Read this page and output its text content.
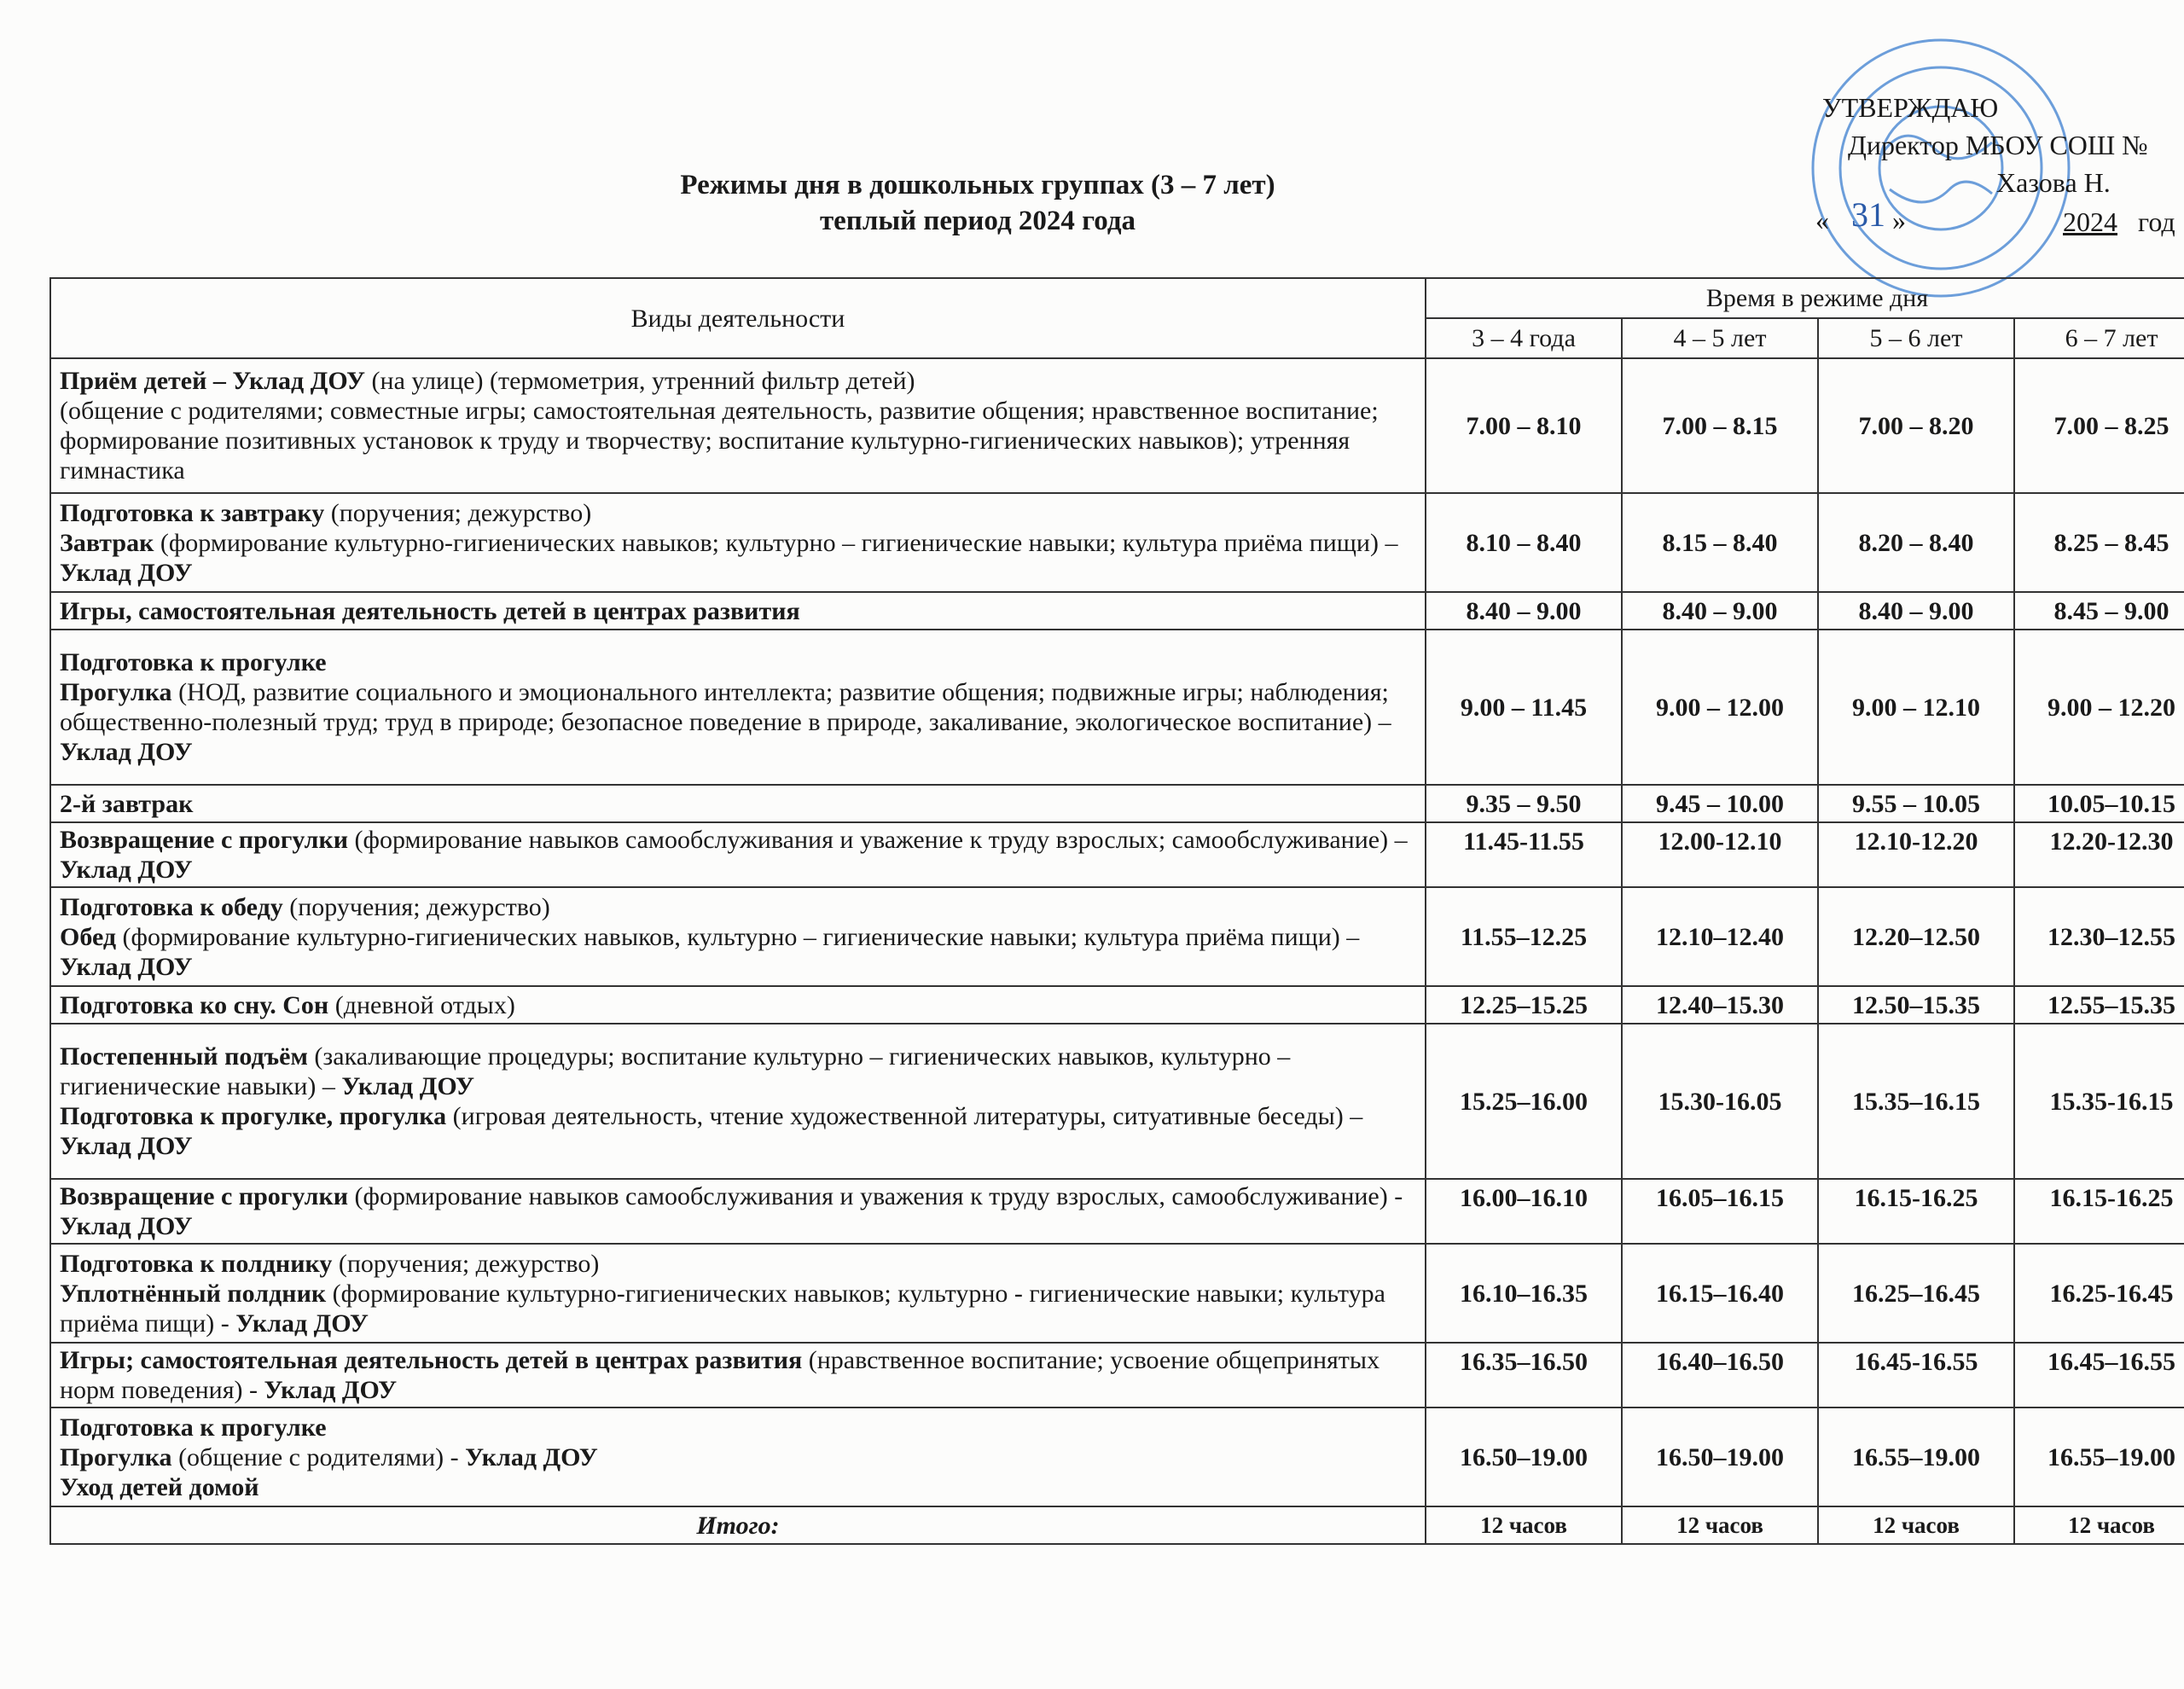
УТВЕРЖДАЮ
Директор МБОУ СОШ №
Хазова Н.
« 31 »	2024 год
Режимы дня в дошкольных группах (3 – 7 лет)
теплый период 2024 года
Виды деятельности	Время в режиме дня			
	3 – 4 года	4 – 5 лет	5 – 6 лет	6 – 7 лет
Приём детей – Уклад ДОУ (на улице) (термометрия, утренний фильтр детей)
(общение с родителями; совместные игры; самостоятельная деятельность, развитие общения; нравственное воспитание; формирование позитивных установок к труду и творчеству; воспитание культурно-гигиенических навыков); утренняя гимнастика	7.00 – 8.10	7.00 – 8.15	7.00 – 8.20	7.00 – 8.25
Подготовка к завтраку (поручения; дежурство)
Завтрак (формирование культурно-гигиенических навыков; культурно – гигиенические навыки; культура приёма пищи) – Уклад ДОУ	8.10 – 8.40	8.15 – 8.40	8.20 – 8.40	8.25 – 8.45
Игры, самостоятельная деятельность детей в центрах развития	8.40 – 9.00	8.40 – 9.00	8.40 – 9.00	8.45 – 9.00
Подготовка к прогулке
Прогулка (НОД, развитие социального и эмоционального интеллекта; развитие общения; подвижные игры; наблюдения; общественно-полезный труд; труд в природе; безопасное поведение в природе, закаливание, экологическое воспитание) – Уклад ДОУ	9.00 – 11.45	9.00 – 12.00	9.00 – 12.10	9.00 – 12.20
2-й завтрак	9.35 – 9.50	9.45 – 10.00	9.55 – 10.05	10.05–10.15
Возвращение с прогулки (формирование навыков самообслуживания и уважение к труду взрослых; самообслуживание) – Уклад ДОУ	11.45-11.55	12.00-12.10	12.10-12.20	12.20-12.30
Подготовка к обеду (поручения; дежурство)
Обед (формирование культурно-гигиенических навыков, культурно – гигиенические навыки; культура приёма пищи) – Уклад ДОУ	11.55–12.25	12.10–12.40	12.20–12.50	12.30–12.55
Подготовка ко сну. Сон (дневной отдых)	12.25–15.25	12.40–15.30	12.50–15.35	12.55–15.35
Постепенный подъём (закаливающие процедуры; воспитание культурно – гигиенических навыков, культурно – гигиенические навыки) – Уклад ДОУ
Подготовка к прогулке, прогулка (игровая деятельность, чтение художественной литературы, ситуативные беседы) – Уклад ДОУ	15.25–16.00	15.30-16.05	15.35–16.15	15.35-16.15
Возвращение с прогулки (формирование навыков самообслуживания и уважения к труду взрослых, самообслуживание) - Уклад ДОУ	16.00–16.10	16.05–16.15	16.15-16.25	16.15-16.25
Подготовка к полднику (поручения; дежурство)
Уплотнённый полдник (формирование культурно-гигиенических навыков; культурно - гигиенические навыки; культура приёма пищи) - Уклад ДОУ	16.10–16.35	16.15–16.40	16.25–16.45	16.25-16.45
Игры; самостоятельная деятельность детей в центрах развития (нравственное воспитание; усвоение общепринятых норм поведения) - Уклад ДОУ	16.35–16.50	16.40–16.50	16.45-16.55	16.45–16.55
Подготовка к прогулке
Прогулка (общение с родителями) - Уклад ДОУ
Уход детей домой	16.50–19.00	16.50–19.00	16.55–19.00	16.55–19.00
Итого:	12 часов	12 часов	12 часов	12 часов
